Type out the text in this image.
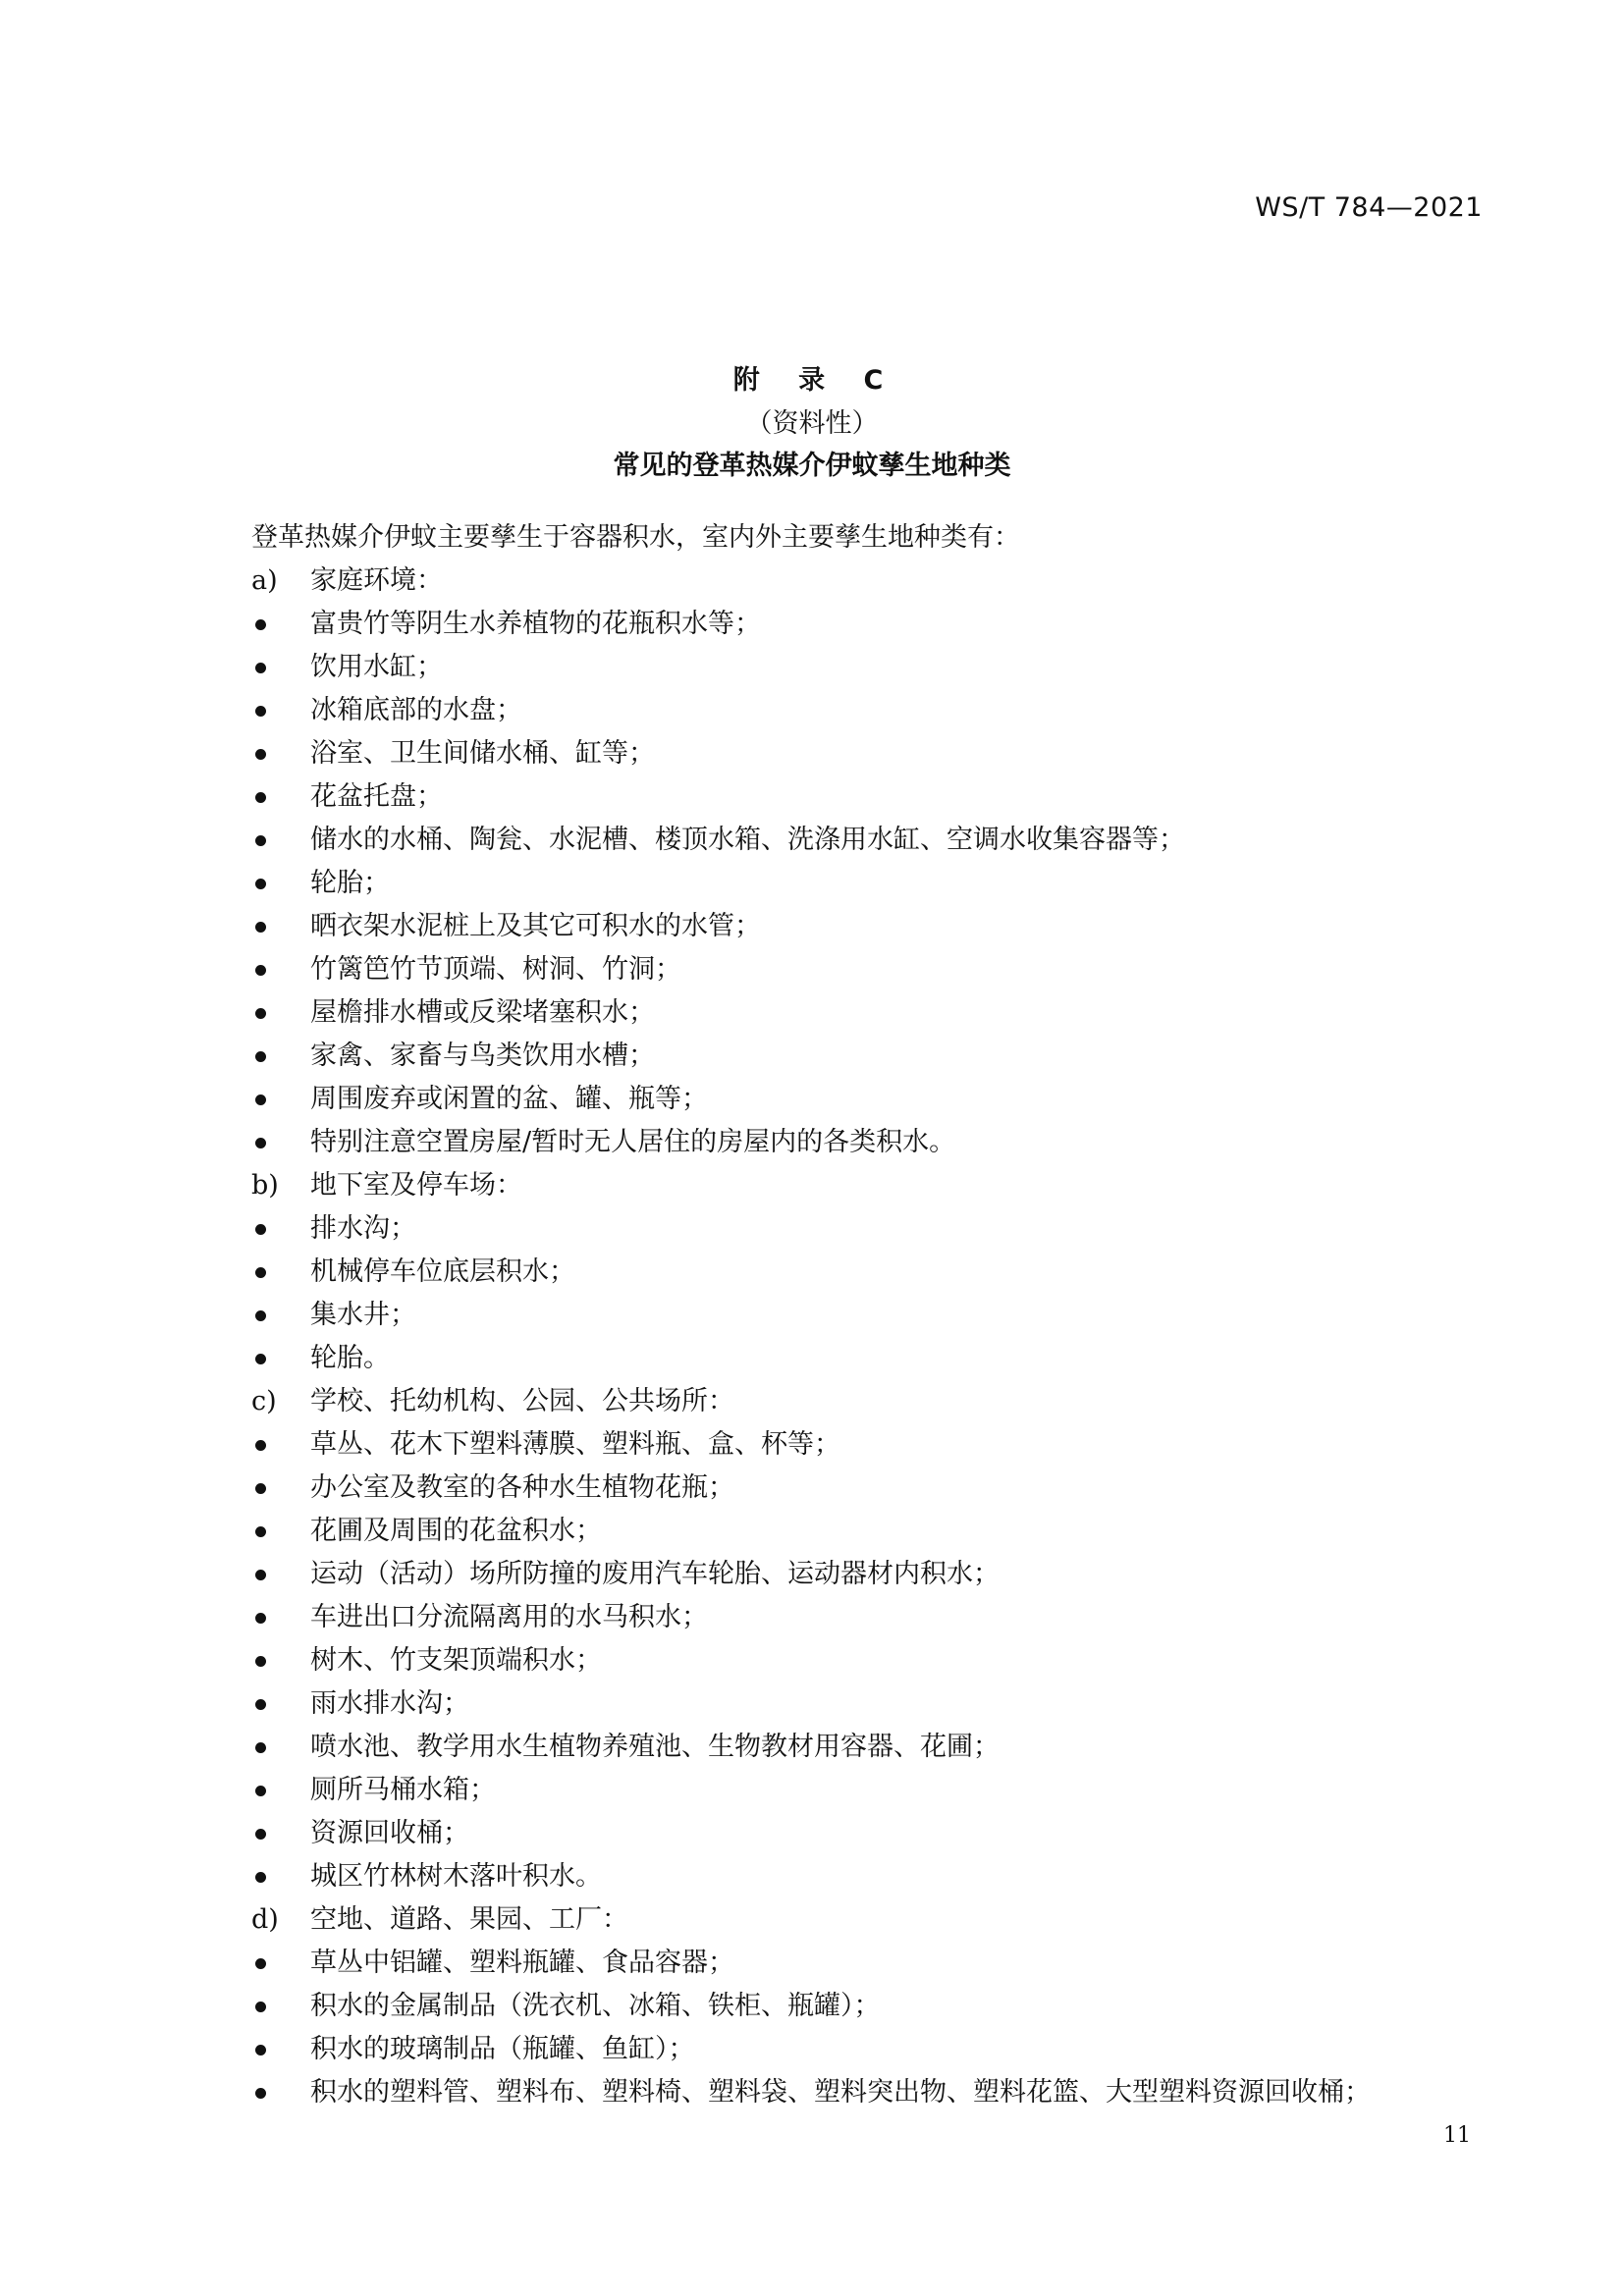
WS/T 784—2021

附 录 C
（资料性）
常见的登革热媒介伊蚊孳生地种类

登革热媒介伊蚊主要孳生于容器积水，室内外主要孳生地种类有：

a)	家庭环境：
富贵竹等阴生水养植物的花瓶积水等；
饮用水缸；
冰箱底部的水盘；
浴室、卫生间储水桶、缸等；
花盆托盘；
储水的水桶、陶瓮、水泥槽、楼顶水箱、洗涤用水缸、空调水收集容器等；
轮胎；
晒衣架水泥桩上及其它可积水的水管；
竹篱笆竹节顶端、树洞、竹洞；
屋檐排水槽或反梁堵塞积水；
家禽、家畜与鸟类饮用水槽；
周围废弃或闲置的盆、罐、瓶等；
特别注意空置房屋/暂时无人居住的房屋内的各类积水。
b)	地下室及停车场：
排水沟；
机械停车位底层积水；
集水井；
轮胎。
c)	学校、托幼机构、公园、公共场所：
草丛、花木下塑料薄膜、塑料瓶、盒、杯等；
办公室及教室的各种水生植物花瓶；
花圃及周围的花盆积水；
运动（活动）场所防撞的废用汽车轮胎、运动器材内积水；
车进出口分流隔离用的水马积水；
树木、竹支架顶端积水；
雨水排水沟；
喷水池、教学用水生植物养殖池、生物教材用容器、花圃；
厕所马桶水箱；
资源回收桶；
城区竹林树木落叶积水。
d)	空地、道路、果园、工厂：
草丛中铝罐、塑料瓶罐、食品容器；
积水的金属制品（洗衣机、冰箱、铁柜、瓶罐）；
积水的玻璃制品（瓶罐、鱼缸）；
积水的塑料管、塑料布、塑料椅、塑料袋、塑料突出物、塑料花篮、大型塑料资源回收桶；

11
